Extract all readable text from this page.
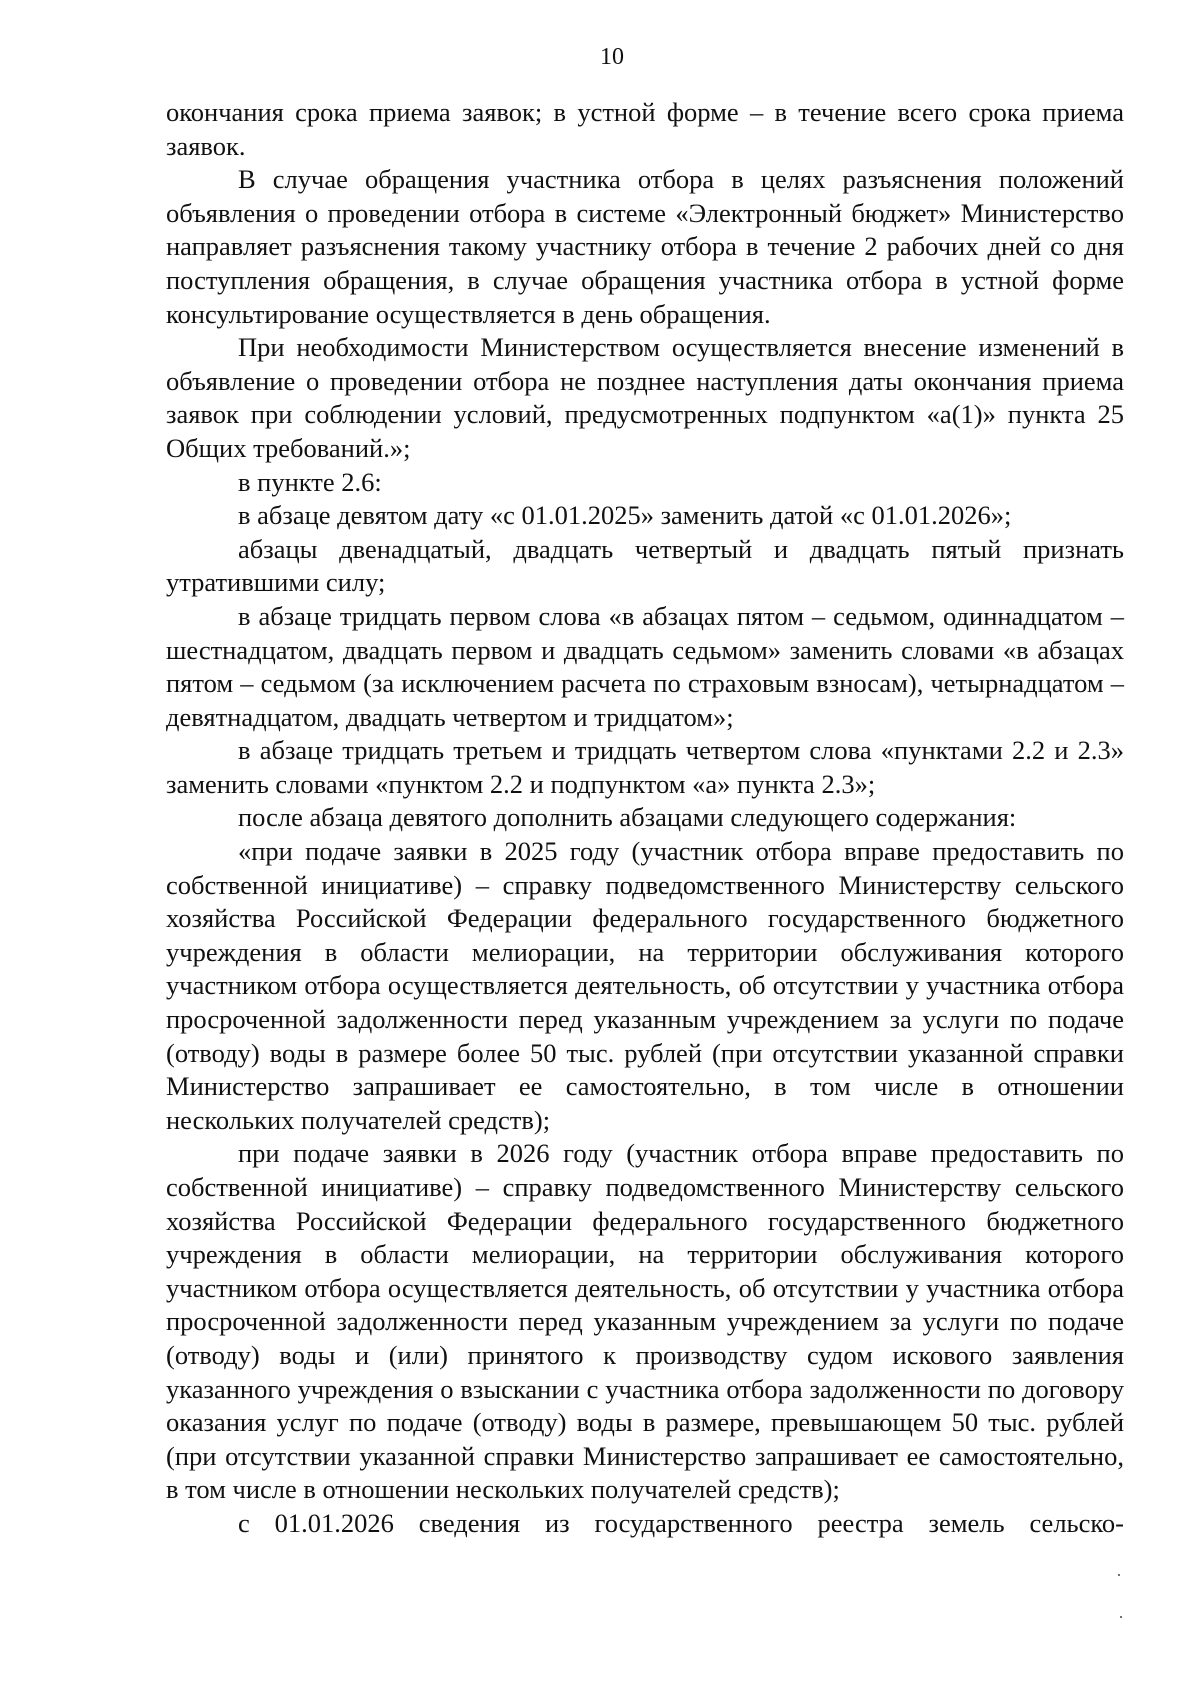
10

окончания срока приема заявок; в устной форме – в течение всего срока приема заявок.

В случае обращения участника отбора в целях разъяснения положений объявления о проведении отбора в системе «Электронный бюджет» Министерство направляет разъяснения такому участнику отбора в течение 2 рабочих дней со дня поступления обращения, в случае обращения участника отбора в устной форме консультирование осуществляется в день обращения.

При необходимости Министерством осуществляется внесение изменений в объявление о проведении отбора не позднее наступления даты окончания приема заявок при соблюдении условий, предусмотренных подпунктом «а(1)» пункта 25 Общих требований.»;

в пункте 2.6:

в абзаце девятом дату «с 01.01.2025» заменить датой «с 01.01.2026»;

абзацы двенадцатый, двадцать четвертый и двадцать пятый признать утратившими силу;

в абзаце тридцать первом слова «в абзацах пятом – седьмом, одиннадцатом – шестнадцатом, двадцать первом и двадцать седьмом» заменить словами «в абзацах пятом – седьмом (за исключением расчета по страховым взносам), четырнадцатом – девятнадцатом, двадцать четвертом и тридцатом»;

в абзаце тридцать третьем и тридцать четвертом слова «пунктами 2.2 и 2.3» заменить словами «пунктом 2.2 и подпунктом «а» пункта 2.3»;

после абзаца девятого дополнить абзацами следующего содержания:

«при подаче заявки в 2025 году (участник отбора вправе предоставить по собственной инициативе) – справку подведомственного Министерству сельского хозяйства Российской Федерации федерального государственного бюджетного учреждения в области мелиорации, на территории обслуживания которого участником отбора осуществляется деятельность, об отсутствии у участника отбора просроченной задолженности перед указанным учреждением за услуги по подаче (отводу) воды в размере более 50 тыс. рублей (при отсутствии указанной справки Министерство запрашивает ее самостоятельно, в том числе в отношении нескольких получателей средств);

при подаче заявки в 2026 году (участник отбора вправе предоставить по собственной инициативе) – справку подведомственного Министерству сельского хозяйства Российской Федерации федерального государственного бюджетного учреждения в области мелиорации, на территории обслуживания которого участником отбора осуществляется деятельность, об отсутствии у участника отбора просроченной задолженности перед указанным учреждением за услуги по подаче (отводу) воды и (или) принятого к производству судом искового заявления указанного учреждения о взыскании с участника отбора задолженности по договору оказания услуг по подаче (отводу) воды в размере, превышающем 50 тыс. рублей (при отсутствии указанной справки Министерство запрашивает ее самостоятельно, в том числе в отношении нескольких получателей средств);

с 01.01.2026 сведения из государственного реестра земель сельско-
